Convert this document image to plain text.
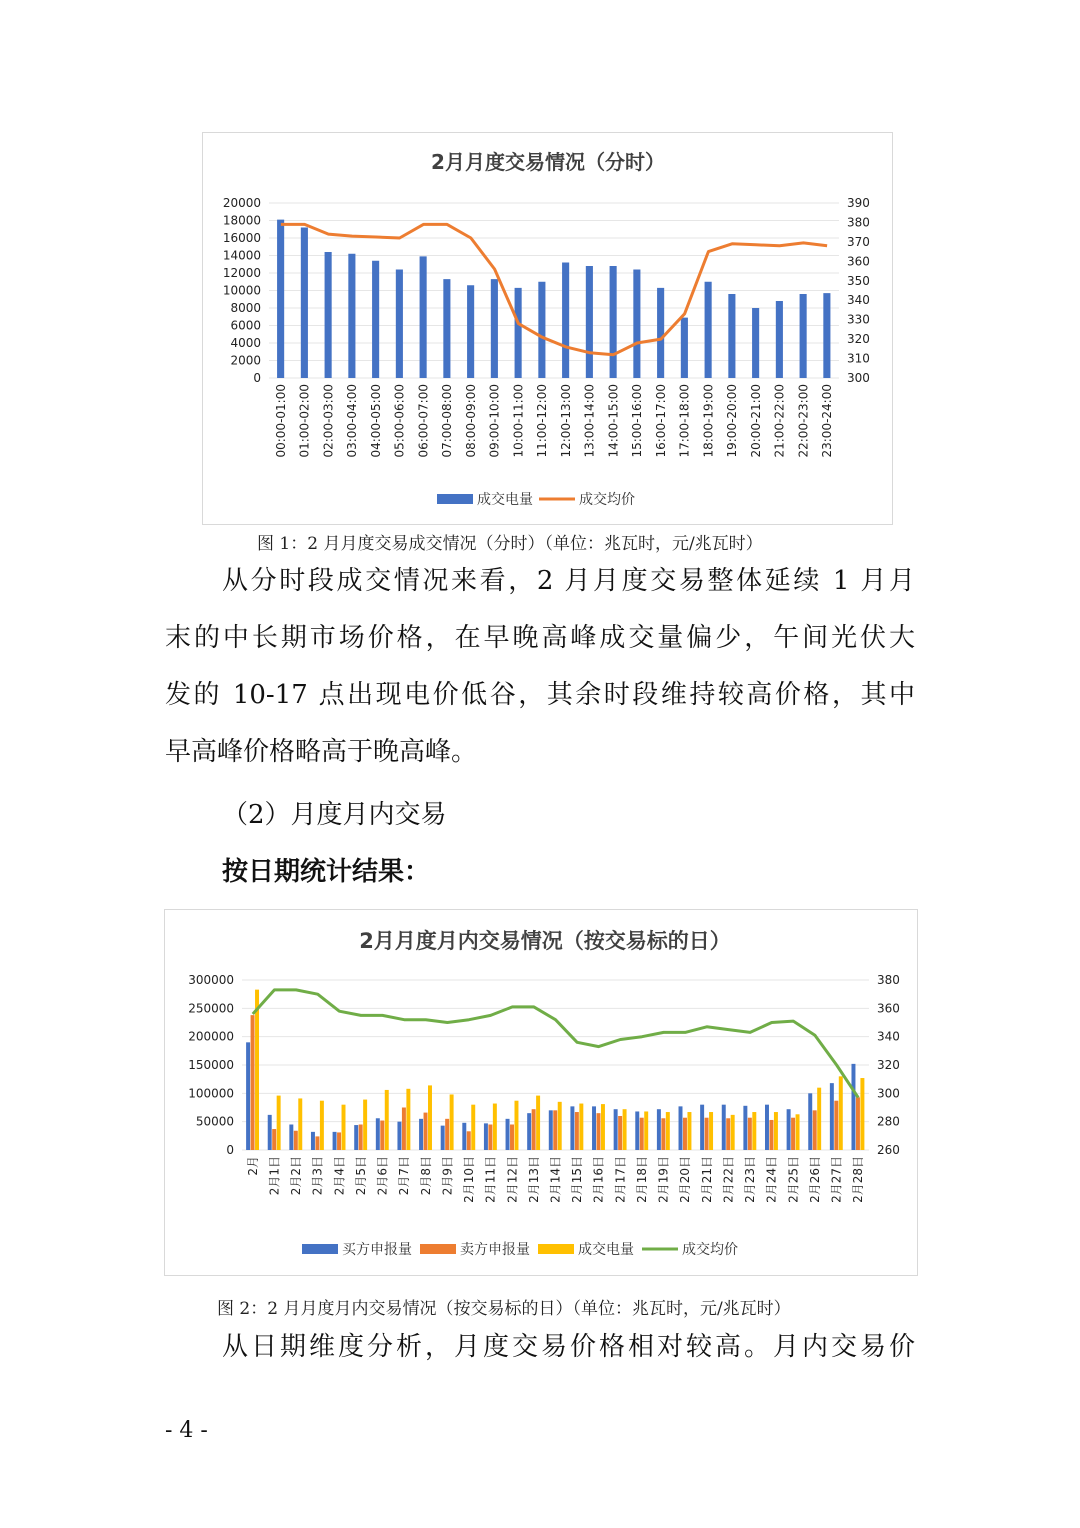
2月月度交易情况（分时）
20000
18000
16000
14000
12000
10000
8000
6000
4000
2000
0
390
380
370
360
350
340
330
320
310
300
00:00-01:00 01:00-02:00 02:00-03:00 03:00-04:00 04:00-05:00 05:00-06:00 06:00-07:00 07:00-08:00 08:00-09:00 09:00-10:00 10:00-11:00 11:00-12:00 12:00-13:00 13:00-14:00 14:00-15:00 15:00-16:00 16:00-17:00 17:00-18:00 18:00-19:00 19:00-20:00 20:00-21:00 21:00-22:00 22:00-23:00 23:00-24:00
成交电量	成交均价
图 1：2 月月度交易成交情况（分时）（单位：兆瓦时，元/兆瓦时）
从分时段成交情况来看，2 月月度交易整体延续 1 月月
末的中长期市场价格，在早晚高峰成交量偏少，午间光伏大
发的 10-17 点出现电价低谷，其余时段维持较高价格，其中
早高峰价格略高于晚高峰。
（2）月度月内交易
按日期统计结果：
2月月度月内交易情况（按交易标的日）
300000
250000
200000
150000
100000
50000
0
380
360
340
320
300
280
260
2月 2月1日 2月2日 2月3日 2月4日 2月5日 2月6日 2月7日 2月8日 2月9日 2月10日 2月11日 2月12日 2月13日 2月14日 2月15日 2月16日 2月17日 2月18日 2月19日 2月20日 2月21日 2月22日 2月23日 2月24日 2月25日 2月26日 2月27日 2月28日
买方申报量	卖方申报量	成交电量	成交均价
图 2：2 月月度月内交易情况（按交易标的日）（单位：兆瓦时，元/兆瓦时）
从日期维度分析，月度交易价格相对较高。月内交易价
- 4 -
